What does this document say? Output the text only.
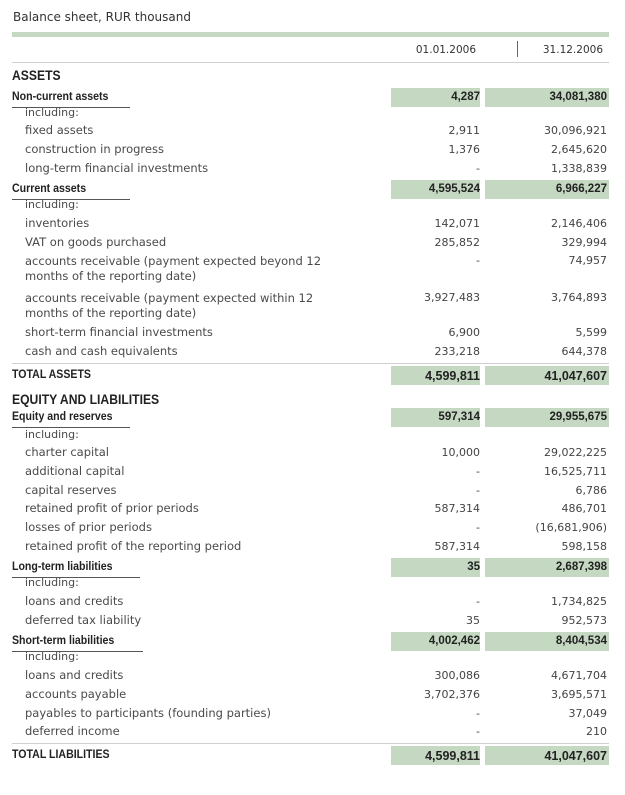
Balance sheet, RUR thousand
01.01.2006	31.12.2006
ASSETS
Non-current assets	4,287	34,081,380
including:
fixed assets	2,911	30,096,921
construction in progress	1,376	2,645,620
long-term financial investments	-	1,338,839
Current assets	4,595,524	6,966,227
including:
inventories	142,071	2,146,406
VAT on goods purchased	285,852	329,994
accounts receivable (payment expected beyond 12 months of the reporting date)
-	74,957
accounts receivable (payment expected within 12 months of the reporting date)
3,927,483	3,764,893
short-term financial investments	6,900	5,599
cash and cash equivalents	233,218	644,378
TOTAL ASSETS	4,599,811	41,047,607
EQUITY AND LIABILITIES
Equity and reserves	597,314	29,955,675
including:
charter capital	10,000	29,022,225
additional capital	-	16,525,711
capital reserves	-	6,786
retained profit of prior periods	587,314	486,701
losses of prior periods	-	(16,681,906)
retained profit of the reporting period	587,314	598,158
Long-term liabilities	35	2,687,398
including:
loans and credits	-	1,734,825
deferred tax liability	35	952,573
Short-term liabilities	4,002,462	8,404,534
including:
loans and credits	300,086	4,671,704
accounts payable	3,702,376	3,695,571
payables to participants (founding parties)	-	37,049
deferred income	-	210
TOTAL LIABILITIES	4,599,811	41,047,607
